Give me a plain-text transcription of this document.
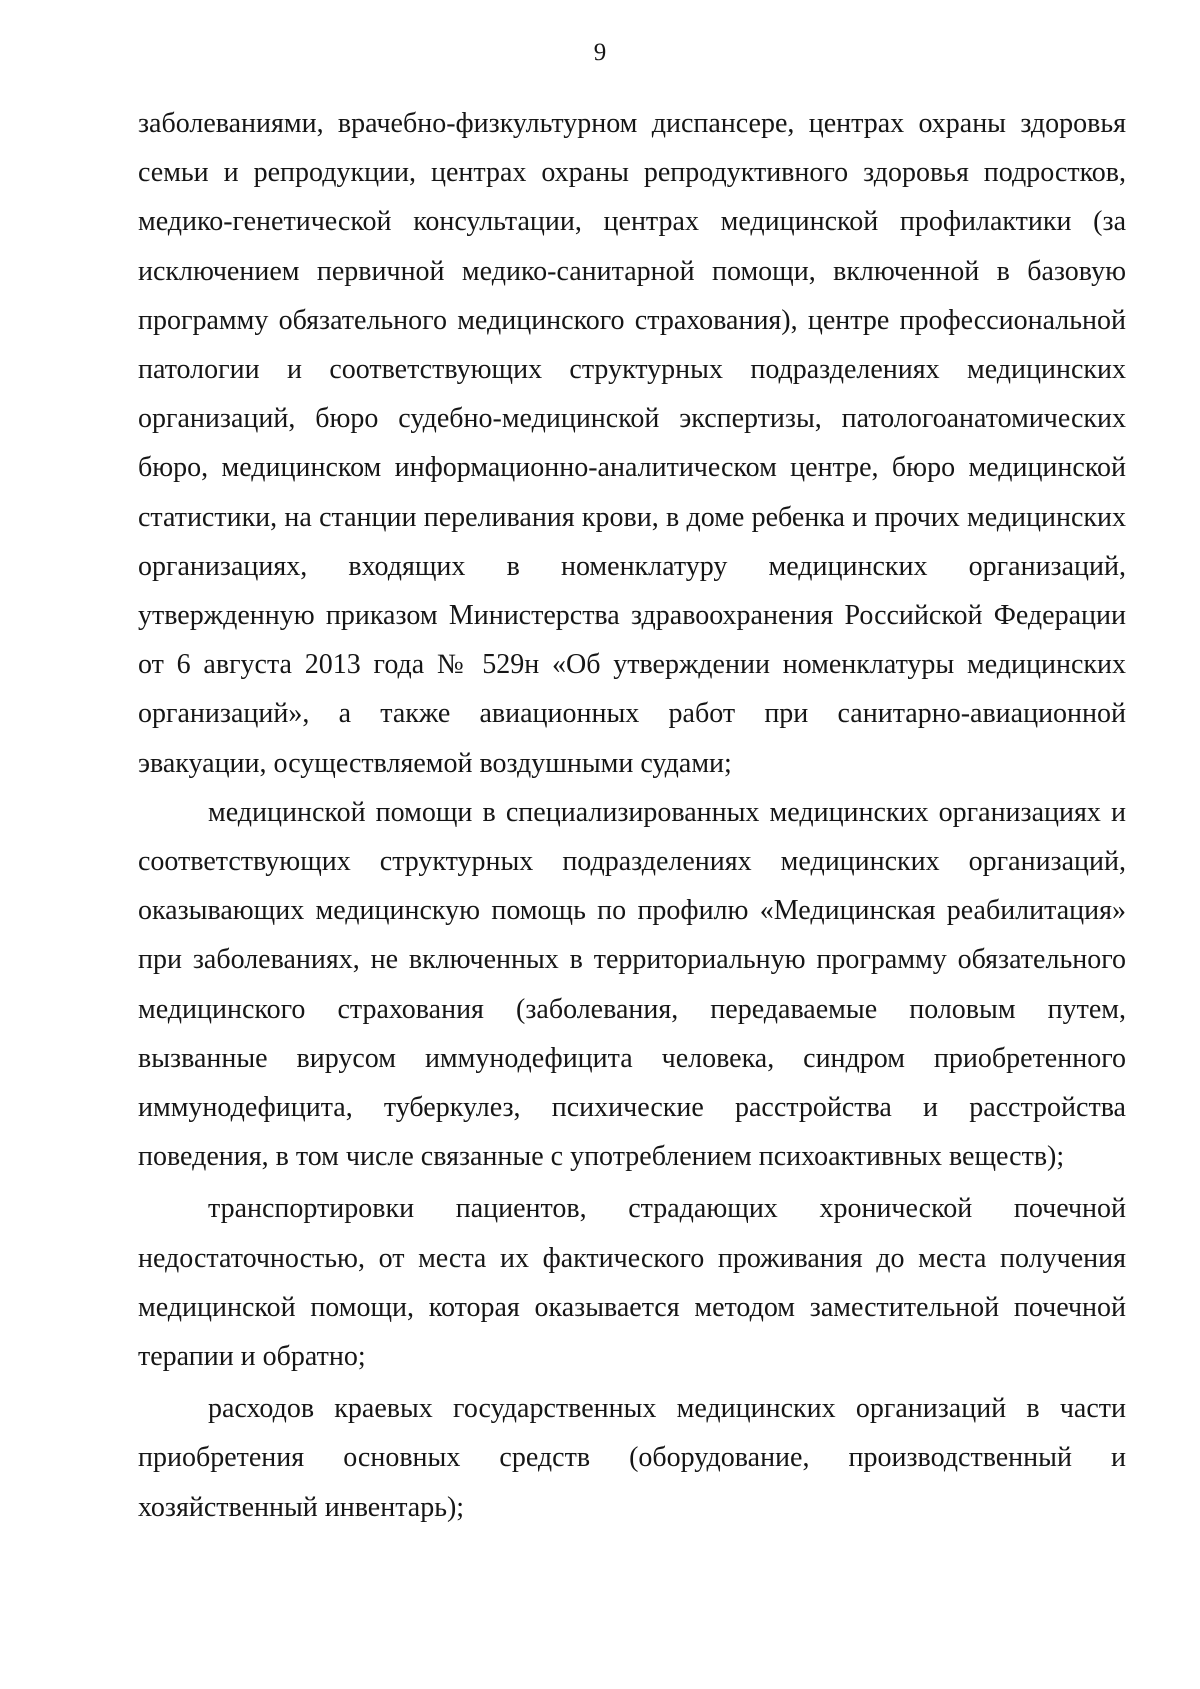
9

заболеваниями, врачебно-физкультурном диспансере, центрах охраны здоровья семьи и репродукции, центрах охраны репродуктивного здоровья подростков, медико-генетической консультации, центрах медицинской профилактики (за исключением первичной медико-санитарной помощи, включенной в базовую программу обязательного медицинского страхования), центре профессиональной патологии и соответствующих структурных подразделениях медицинских организаций, бюро судебно-медицинской экспертизы, патологоанатомических бюро, медицинском информационно-аналитическом центре, бюро медицинской статистики, на станции переливания крови, в доме ребенка и прочих медицинских организациях, входящих в номенклатуру медицинских организаций, утвержденную приказом Министерства здравоохранения Российской Федерации от 6 августа 2013 года № 529н «Об утверждении номенклатуры медицинских организаций», а также авиационных работ при санитарно-авиационной эвакуации, осуществляемой воздушными судами;

медицинской помощи в специализированных медицинских организациях и соответствующих структурных подразделениях медицинских организаций, оказывающих медицинскую помощь по профилю «Медицинская реабилитация» при заболеваниях, не включенных в территориальную программу обязательного медицинского страхования (заболевания, передаваемые половым путем, вызванные вирусом иммунодефицита человека, синдром приобретенного иммунодефицита, туберкулез, психические расстройства и расстройства поведения, в том числе связанные с употреблением психоактивных веществ);

транспортировки пациентов, страдающих хронической почечной недостаточностью, от места их фактического проживания до места получения медицинской помощи, которая оказывается методом заместительной почечной терапии и обратно;

расходов краевых государственных медицинских организаций в части приобретения основных средств (оборудование, производственный и хозяйственный инвентарь);
